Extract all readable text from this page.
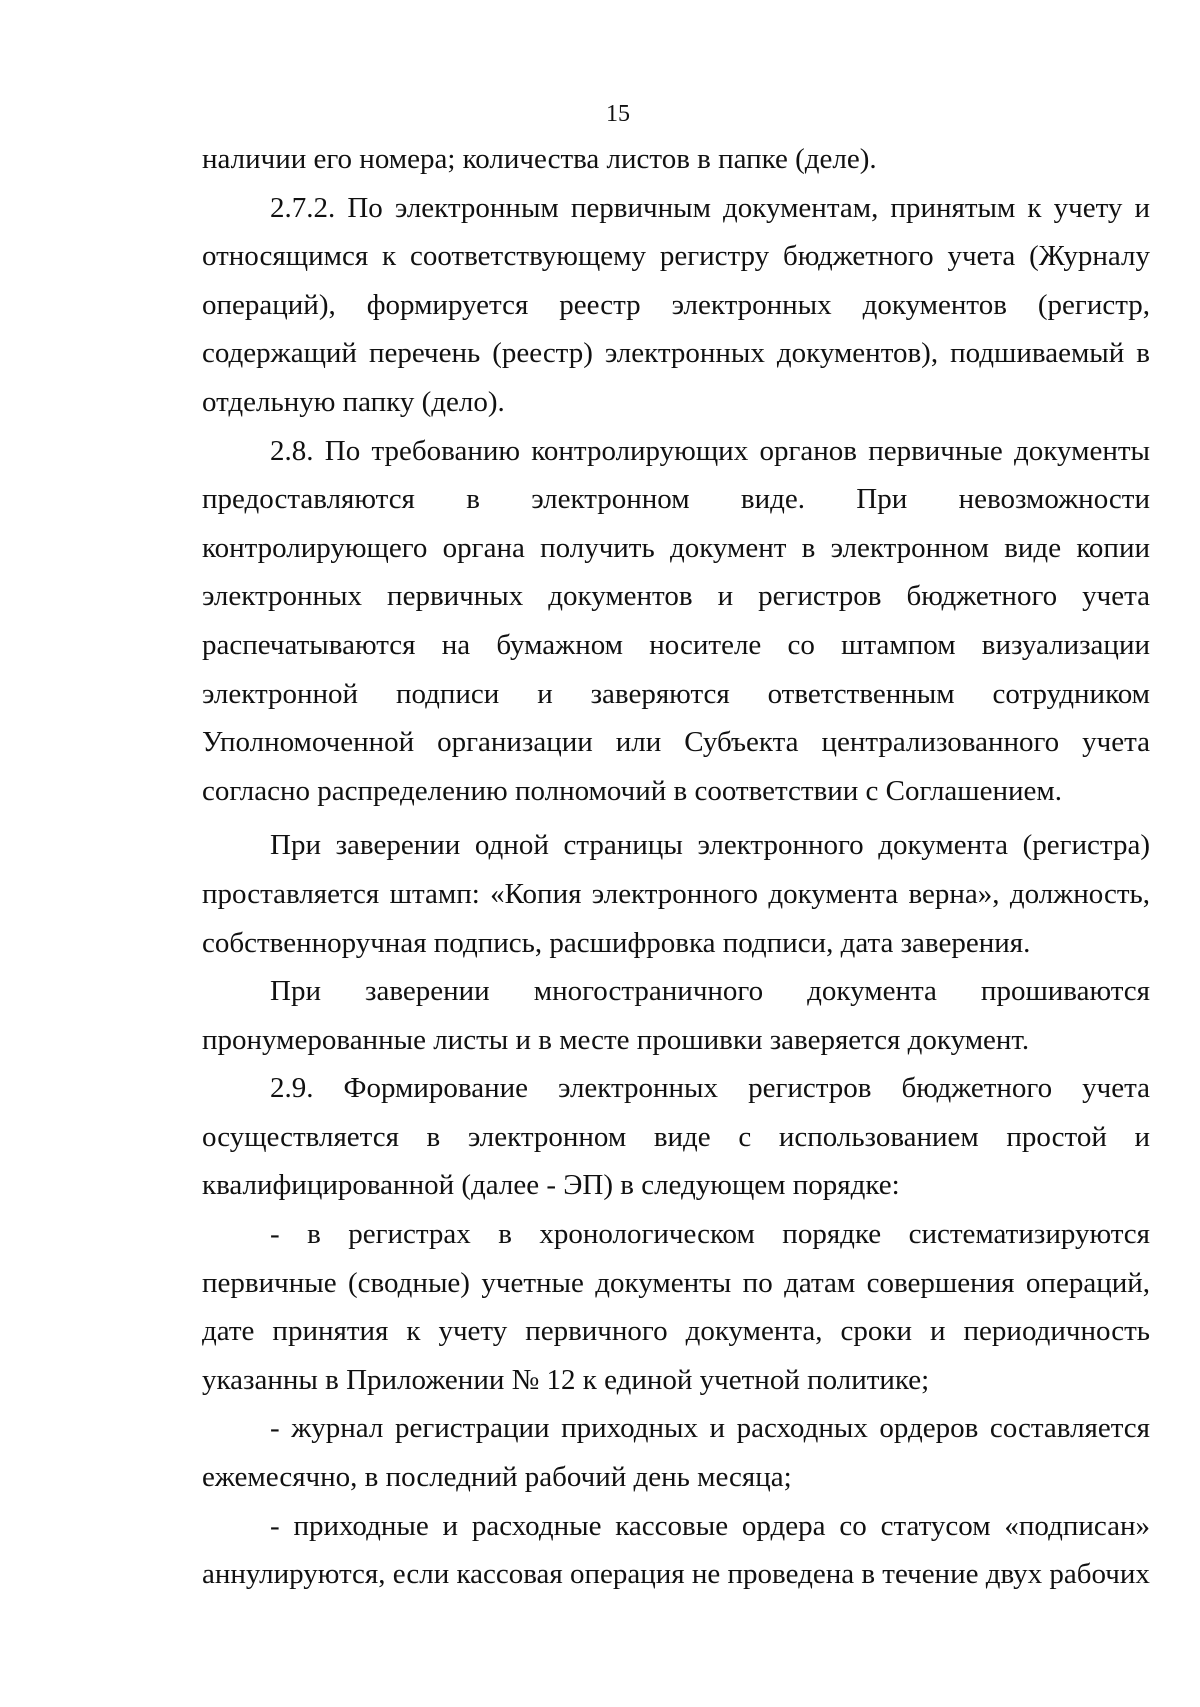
15

наличии его номера; количества листов в папке (деле).

2.7.2. По электронным первичным документам, принятым к учету и относящимся к соответствующему регистру бюджетного учета (Журналу операций), формируется реестр электронных документов (регистр, содержащий перечень (реестр) электронных документов), подшиваемый в отдельную папку (дело).

2.8. По требованию контролирующих органов первичные документы предоставляются в электронном виде. При невозможности контролирующего органа получить документ в электронном виде копии электронных первичных документов и регистров бюджетного учета распечатываются на бумажном носителе со штампом визуализации электронной подписи и заверяются ответственным сотрудником Уполномоченной организации или Субъекта централизованного учета согласно распределению полномочий в соответствии с Соглашением.

При заверении одной страницы электронного документа (регистра) проставляется штамп: «Копия электронного документа верна», должность, собственноручная подпись, расшифровка подписи, дата заверения.

При заверении многостраничного документа прошиваются пронумерованные листы и в месте прошивки заверяется документ.

2.9. Формирование электронных регистров бюджетного учета осуществляется в электронном виде с использованием простой и квалифицированной (далее - ЭП) в следующем порядке:

- в регистрах в хронологическом порядке систематизируются первичные (сводные) учетные документы по датам совершения операций, дате принятия к учету первичного документа, сроки и периодичность указанны в Приложении № 12 к единой учетной политике;

- журнал регистрации приходных и расходных ордеров составляется ежемесячно, в последний рабочий день месяца;

- приходные и расходные кассовые ордера со статусом «подписан» аннулируются, если кассовая операция не проведена в течение двух рабочих
